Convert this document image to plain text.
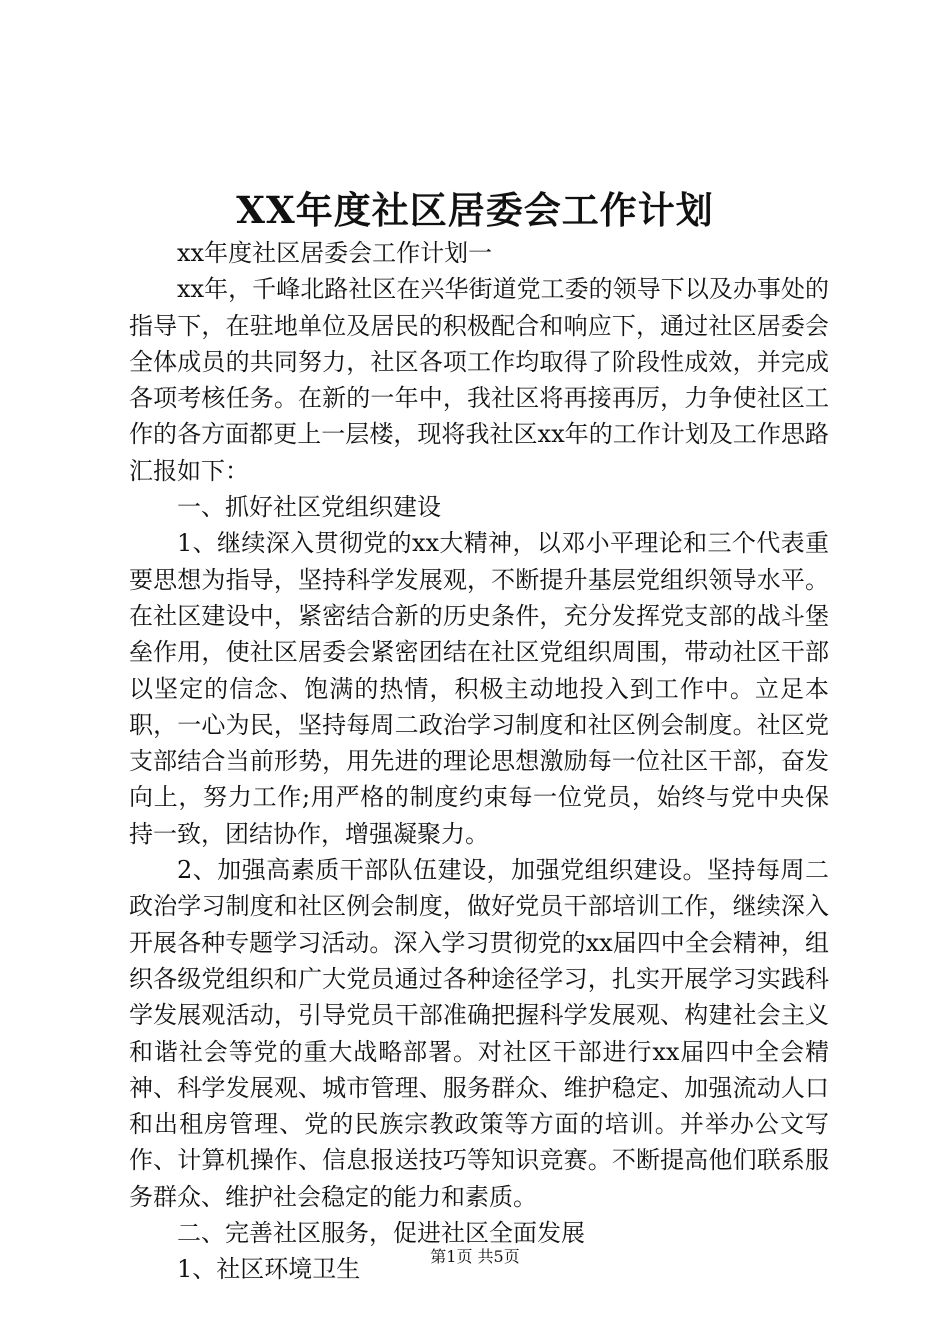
XX年度社区居委会工作计划

xx年度社区居委会工作计划一

xx年，千峰北路社区在兴华街道党工委的领导下以及办事处的指导下，在驻地单位及居民的积极配合和响应下，通过社区居委会全体成员的共同努力，社区各项工作均取得了阶段性成效，并完成各项考核任务。在新的一年中，我社区将再接再厉，力争使社区工作的各方面都更上一层楼，现将我社区xx年的工作计划及工作思路汇报如下：

一、抓好社区党组织建设

1、继续深入贯彻党的xx大精神，以邓小平理论和三个代表重要思想为指导，坚持科学发展观，不断提升基层党组织领导水平。在社区建设中，紧密结合新的历史条件，充分发挥党支部的战斗堡垒作用，使社区居委会紧密团结在社区党组织周围，带动社区干部以坚定的信念、饱满的热情，积极主动地投入到工作中。立足本职，一心为民，坚持每周二政治学习制度和社区例会制度。社区党支部结合当前形势，用先进的理论思想激励每一位社区干部，奋发向上，努力工作;用严格的制度约束每一位党员，始终与党中央保持一致，团结协作，增强凝聚力。

2、加强高素质干部队伍建设，加强党组织建设。坚持每周二政治学习制度和社区例会制度，做好党员干部培训工作，继续深入开展各种专题学习活动。深入学习贯彻党的xx届四中全会精神，组织各级党组织和广大党员通过各种途径学习，扎实开展学习实践科学发展观活动，引导党员干部准确把握科学发展观、构建社会主义和谐社会等党的重大战略部署。对社区干部进行xx届四中全会精神、科学发展观、城市管理、服务群众、维护稳定、加强流动人口和出租房管理、党的民族宗教政策等方面的培训。并举办公文写作、计算机操作、信息报送技巧等知识竞赛。不断提高他们联系服务群众、维护社会稳定的能力和素质。

二、完善社区服务，促进社区全面发展

1、社区环境卫生	第1页 共5页
